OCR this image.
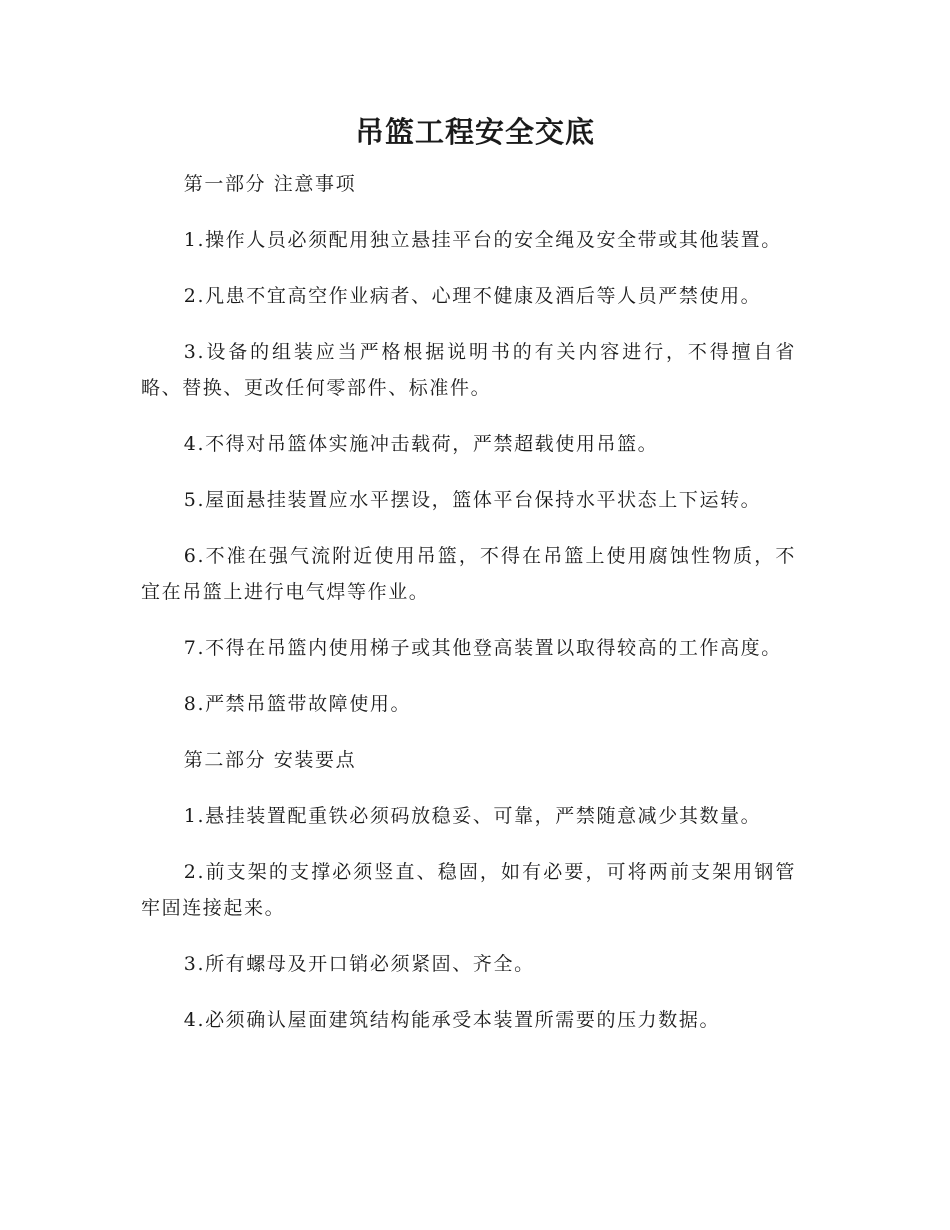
吊篮工程安全交底

第一部分 注意事项

1.操作人员必须配用独立悬挂平台的安全绳及安全带或其他装置。

2.凡患不宜高空作业病者、心理不健康及酒后等人员严禁使用。

3.设备的组装应当严格根据说明书的有关内容进行，不得擅自省略、替换、更改任何零部件、标准件。

4.不得对吊篮体实施冲击载荷，严禁超载使用吊篮。

5.屋面悬挂装置应水平摆设，篮体平台保持水平状态上下运转。

6.不准在强气流附近使用吊篮，不得在吊篮上使用腐蚀性物质，不宜在吊篮上进行电气焊等作业。

7.不得在吊篮内使用梯子或其他登高装置以取得较高的工作高度。

8.严禁吊篮带故障使用。

第二部分 安装要点

1.悬挂装置配重铁必须码放稳妥、可靠，严禁随意减少其数量。

2.前支架的支撑必须竖直、稳固，如有必要，可将两前支架用钢管牢固连接起来。

3.所有螺母及开口销必须紧固、齐全。

4.必须确认屋面建筑结构能承受本装置所需要的压力数据。
